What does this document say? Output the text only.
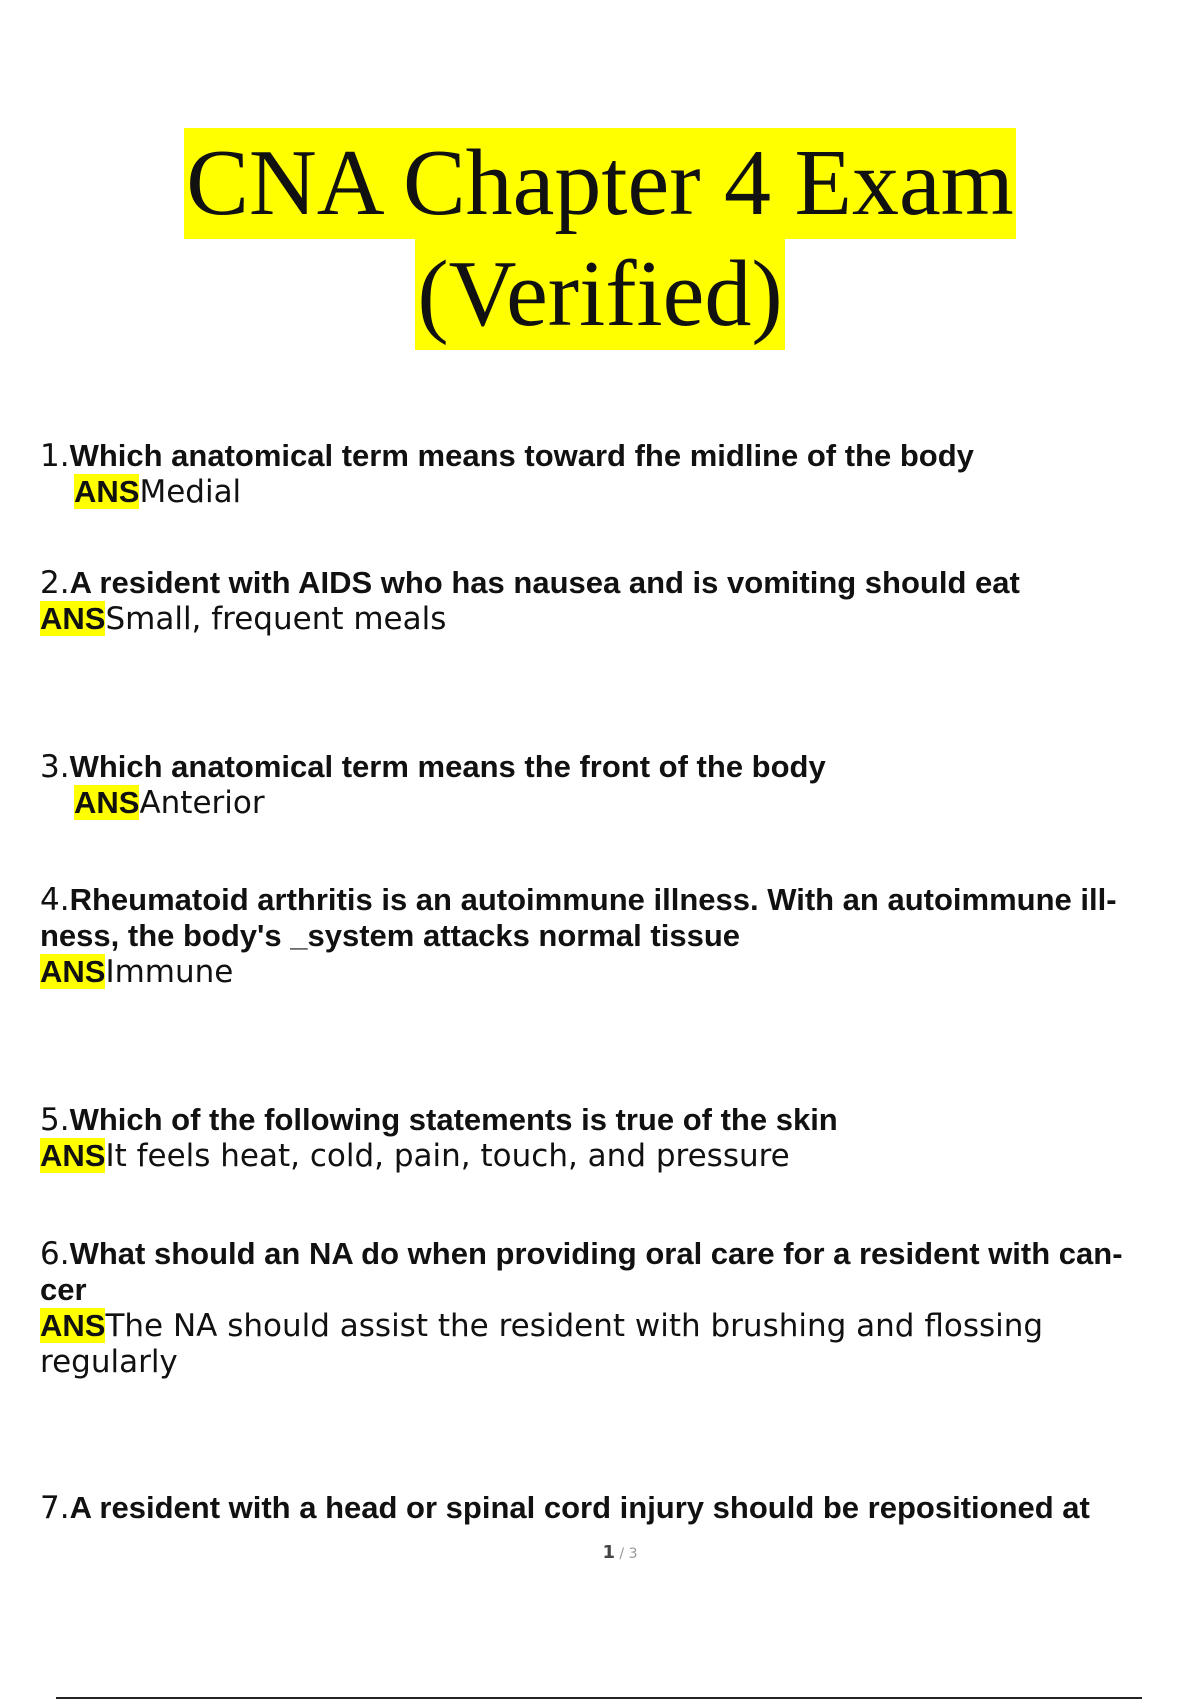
CNA Chapter 4 Exam
(Verified)
1.Which anatomical term means toward fhe midline of the body
ANSMedial
2.A resident with AIDS who has nausea and is vomiting should eat
ANSSmall, frequent meals
3.Which anatomical term means the front of the body
ANSAnterior
4.Rheumatoid arthritis is an autoimmune illness. With an autoimmune ill- ness, the body's _system attacks normal tissue
ANSImmune
5.Which of the following statements is true of the skin
ANSIt feels heat, cold, pain, touch, and pressure
6.What should an NA do when providing oral care for a resident with can- cer
ANSThe NA should assist the resident with brushing and flossing regularly
7.A resident with a head or spinal cord injury should be repositioned at
1 / 3
